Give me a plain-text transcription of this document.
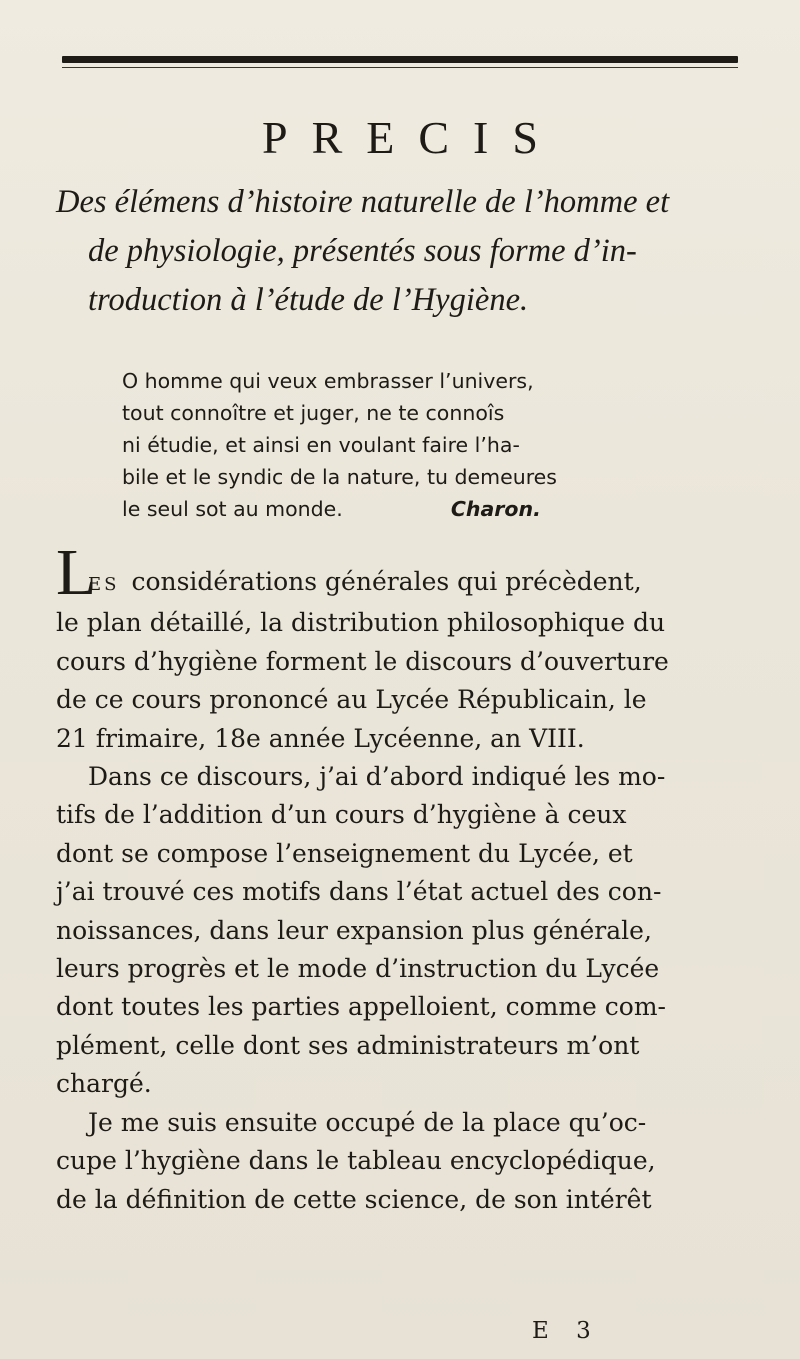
PRECIS
Des élémens d’histoire naturelle de l’homme et
de physiologie, présentés sous forme d’in-
troduction à l’étude de l’Hygiène.
O homme qui veux embrasser l’univers,
tout connoître et juger, ne te connoîs
ni étudie, et ainsi en voulant faire l’ha-
bile et le syndic de la nature, tu demeures
le seul sot au monde.	Charon.
LES considérations générales qui précèdent,
le plan détaillé, la distribution philosophique du
cours d’hygiène forment le discours d’ouverture
de ce cours prononcé au Lycée Républicain, le
21 frimaire, 18e année Lycéenne, an VIII.
Dans ce discours, j’ai d’abord indiqué les mo-
tifs de l’addition d’un cours d’hygiène à ceux
dont se compose l’enseignement du Lycée, et
j’ai trouvé ces motifs dans l’état actuel des con-
noissances, dans leur expansion plus générale,
leurs progrès et le mode d’instruction du Lycée
dont toutes les parties appelloient, comme com-
plément, celle dont ses administrateurs m’ont
chargé.
Je me suis ensuite occupé de la place qu’oc-
cupe l’hygiène dans le tableau encyclopédique,
de la définition de cette science, de son intérêt
E 3
